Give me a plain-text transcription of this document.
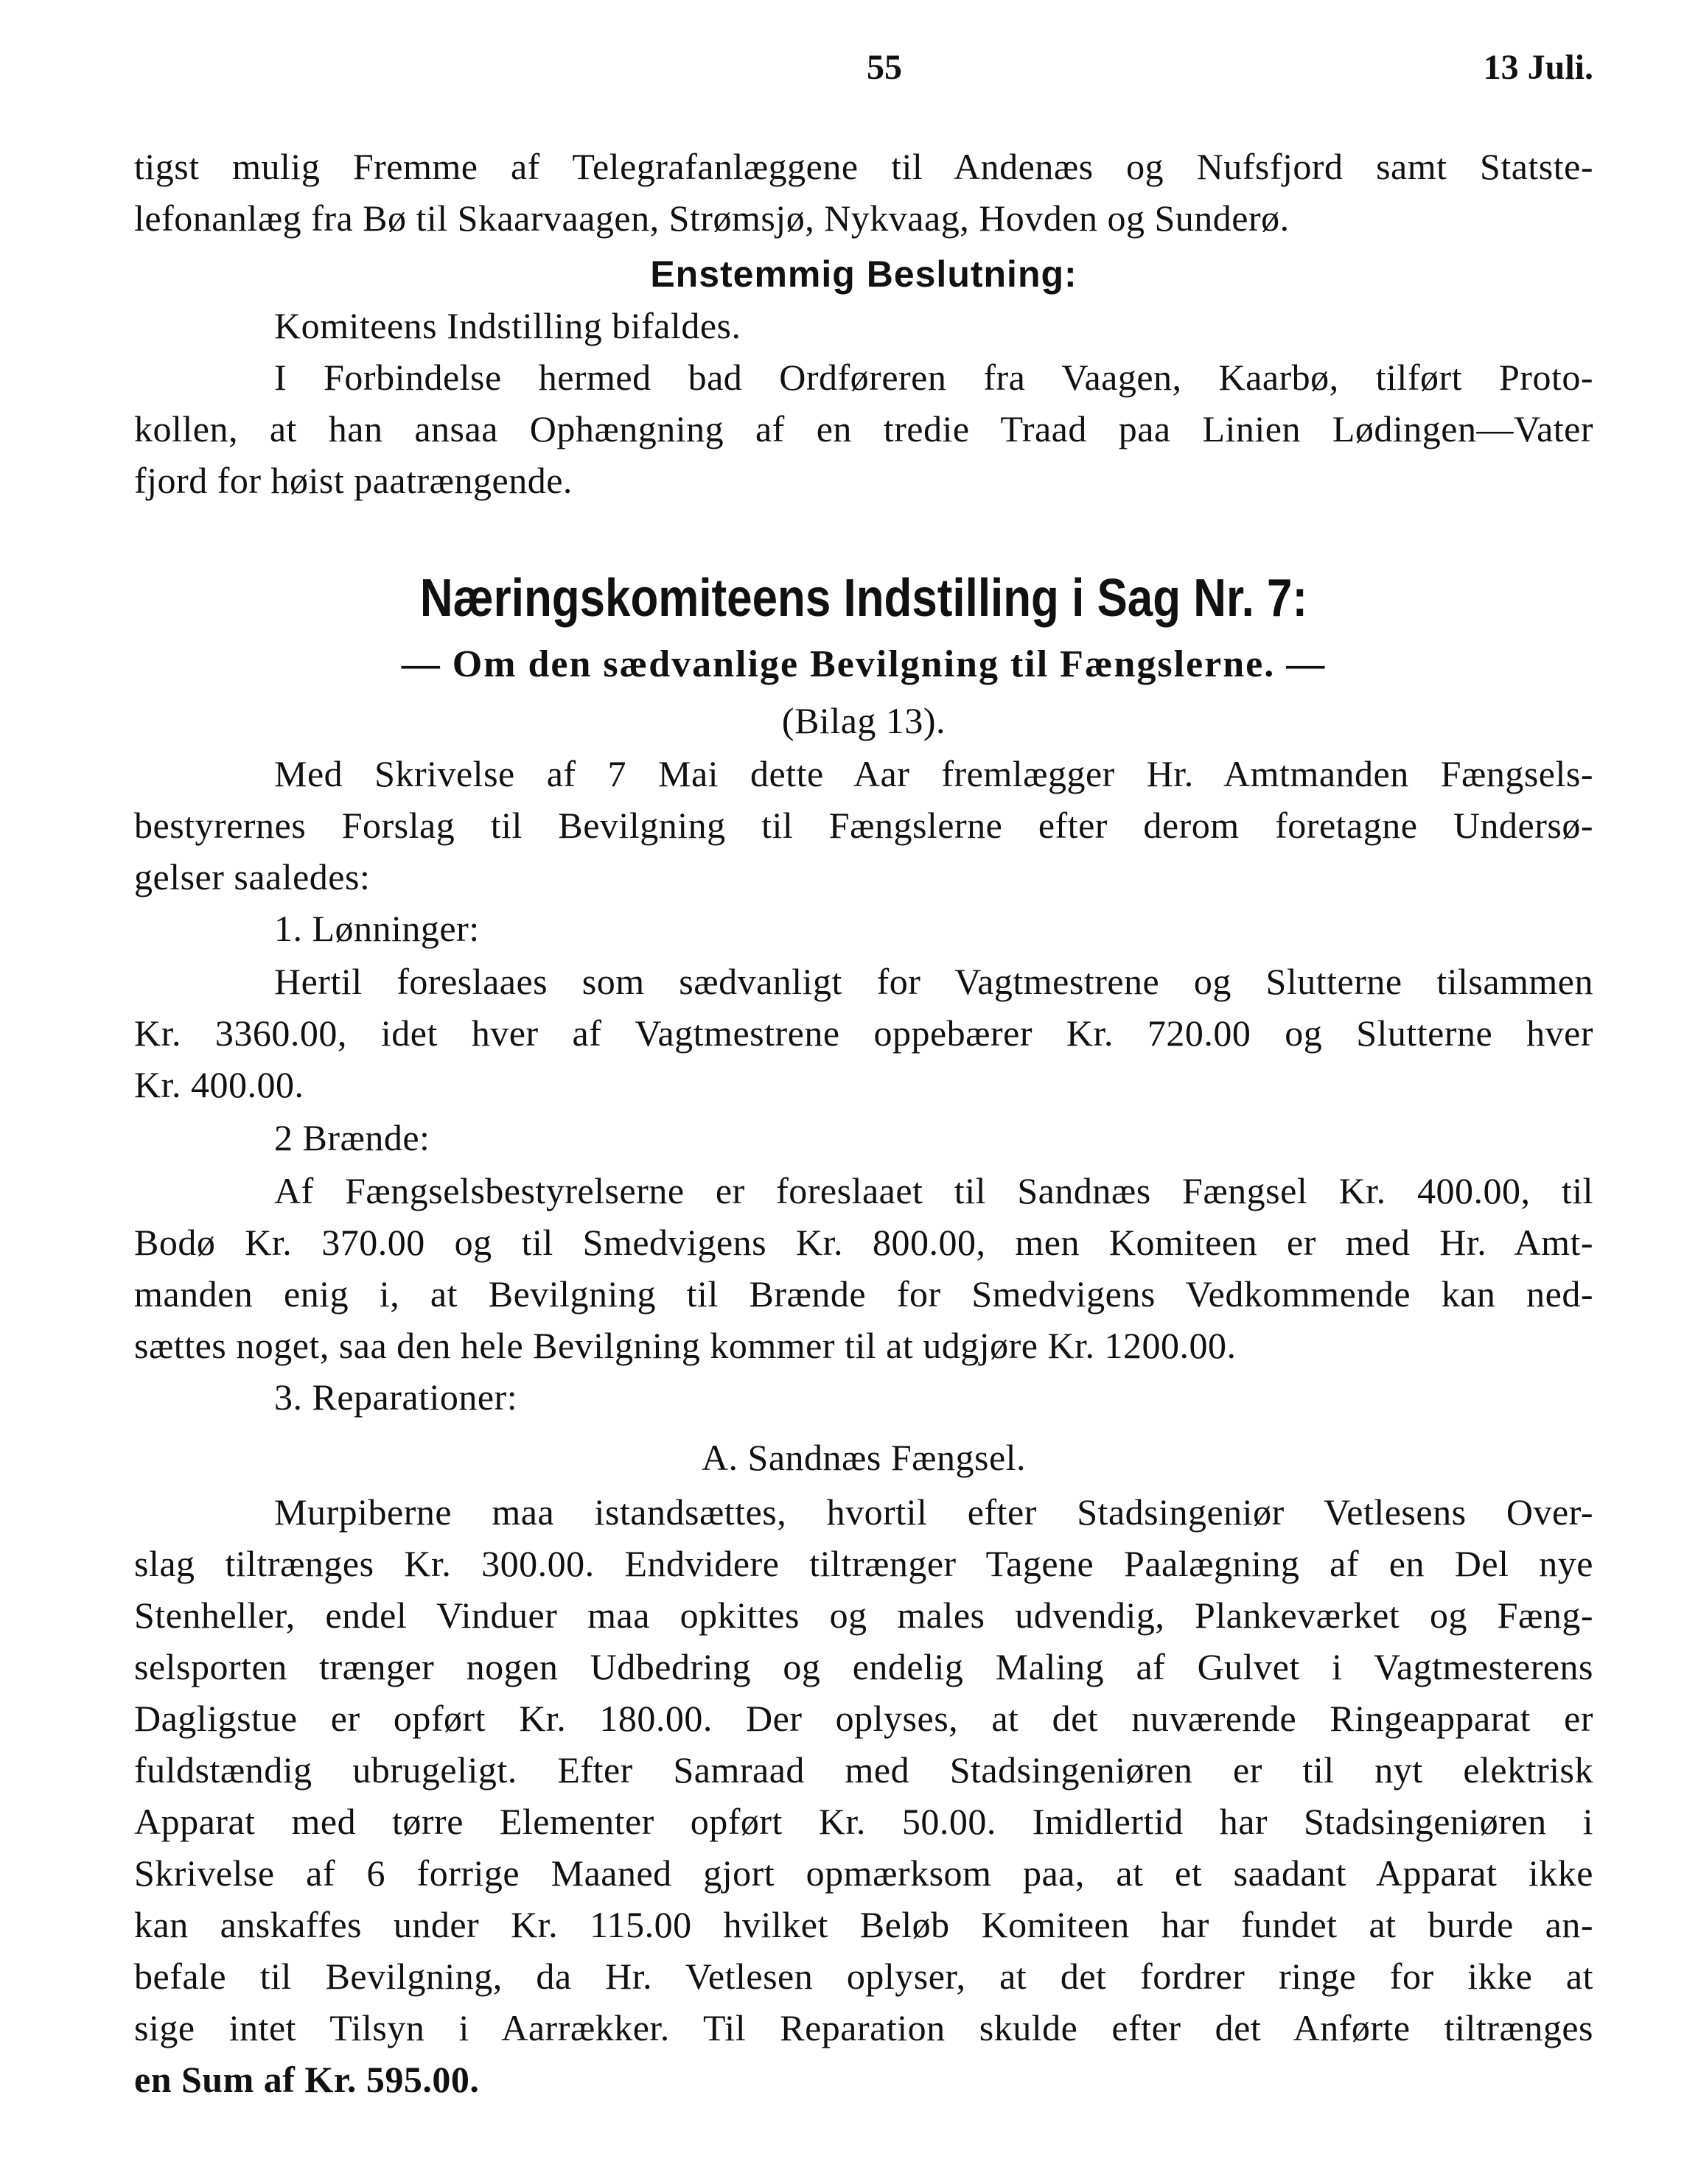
55	13 Juli.
tigst mulig Fremme af Telegrafanlæggene til Andenæs og Nufsfjord samt Statste-
lefonanlæg fra Bø til Skaarvaagen, Strømsjø, Nykvaag, Hovden og Sunderø.
Enstemmig Beslutning:
Komiteens Indstilling bifaldes.
I Forbindelse hermed bad Ordføreren fra Vaagen, Kaarbø, tilført Proto-
kollen, at han ansaa Ophængning af en tredie Traad paa Linien Lødingen—Vater
fjord for høist paatrængende.
Næringskomiteens Indstilling i Sag Nr. 7:
— Om den sædvanlige Bevilgning til Fængslerne. —
(Bilag 13).
Med Skrivelse af 7 Mai dette Aar fremlægger Hr. Amtmanden Fængsels-
bestyrernes Forslag til Bevilgning til Fængslerne efter derom foretagne Undersø-
gelser saaledes:
1. Lønninger:
Hertil foreslaaes som sædvanligt for Vagtmestrene og Slutterne tilsammen
Kr. 3360.00, idet hver af Vagtmestrene oppebærer Kr. 720.00 og Slutterne hver
Kr. 400.00.
2 Brænde:
Af Fængselsbestyrelserne er foreslaaet til Sandnæs Fængsel Kr. 400.00, til
Bodø Kr. 370.00 og til Smedvigens Kr. 800.00, men Komiteen er med Hr. Amt-
manden enig i, at Bevilgning til Brænde for Smedvigens Vedkommende kan ned-
sættes noget, saa den hele Bevilgning kommer til at udgjøre Kr. 1200.00.
3. Reparationer:
A. Sandnæs Fængsel.
Murpiberne maa istandsættes, hvortil efter Stadsingeniør Vetlesens Over-
slag tiltrænges Kr. 300.00. Endvidere tiltrænger Tagene Paalægning af en Del nye
Stenheller, endel Vinduer maa opkittes og males udvendig, Plankeværket og Fæng-
selsporten trænger nogen Udbedring og endelig Maling af Gulvet i Vagtmesterens
Dagligstue er opført Kr. 180.00. Der oplyses, at det nuværende Ringeapparat er
fuldstændig ubrugeligt. Efter Samraad med Stadsingeniøren er til nyt elektrisk
Apparat med tørre Elementer opført Kr. 50.00. Imidlertid har Stadsingeniøren i
Skrivelse af 6 forrige Maaned gjort opmærksom paa, at et saadant Apparat ikke
kan anskaffes under Kr. 115.00 hvilket Beløb Komiteen har fundet at burde an-
befale til Bevilgning, da Hr. Vetlesen oplyser, at det fordrer ringe for ikke at
sige intet Tilsyn i Aarrækker. Til Reparation skulde efter det Anførte tiltrænges
en Sum af Kr. 595.00.
